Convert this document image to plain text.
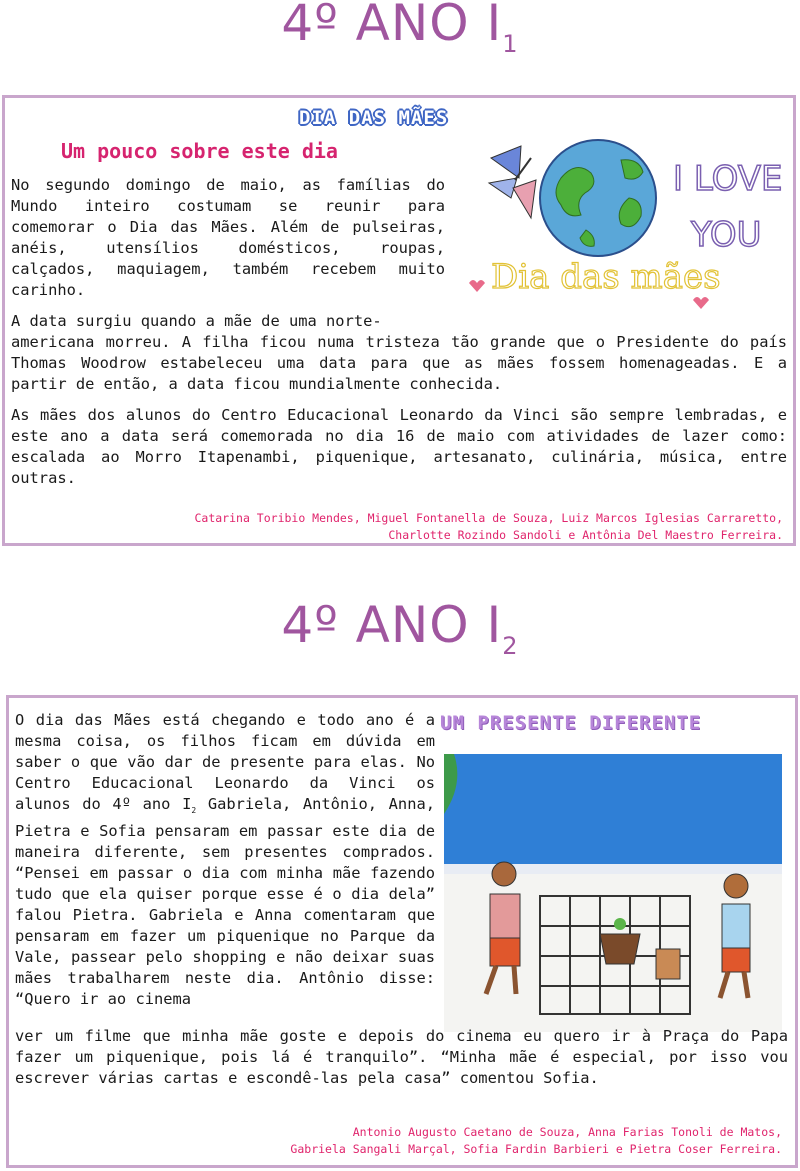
4º ANO $I_1$
DIA DAS MÃES
Um pouco sobre este dia

No segundo domingo de maio, as famílias do Mundo inteiro costumam se reunir para comemorar o Dia das Mães. Além de pulseiras, anéis, utensílios domésticos, roupas, calçados, maquiagem, também recebem muito carinho.

I LOVE
YOU
Dia das mães

A data surgiu quando a mãe de uma norte-

americana morreu. A filha ficou numa tristeza tão grande que o Presidente do país Thomas Woodrow estabeleceu uma data para que as mães fossem homenageadas. E a partir de então, a data ficou mundialmente conhecida.

As mães dos alunos do Centro Educacional Leonardo da Vinci são sempre lembradas, e este ano a data será comemorada no dia 16 de maio com atividades de lazer como: escalada ao Morro Itapenambi, piquenique, artesanato, culinária, música, entre outras.

Catarina Toribio Mendes, Miguel Fontanella de Souza, Luiz Marcos Iglesias Carraretto,
Charlotte Rozindo Sandoli e Antônia Del Maestro Ferreira.
4º ANO $I_2$
UM PRESENTE DIFERENTE

O dia das Mães está chegando e todo ano é a mesma coisa, os filhos ficam em dúvida em saber o que vão dar de presente para elas. No Centro Educacional Leonardo da Vinci os alunos do 4º ano $I_2$ Gabriela, Antônio, Anna, Pietra e Sofia pensaram em passar este dia de maneira diferente, sem presentes comprados. “Pensei em passar o dia com minha mãe fazendo tudo que ela quiser porque esse é o dia dela” falou Pietra. Gabriela e Anna comentaram que pensaram em fazer um piquenique no Parque da Vale, passear pelo shopping e não deixar suas mães trabalharem neste dia. Antônio disse: “Quero ir ao cinema

ver um filme que minha mãe goste e depois do cinema eu quero ir à Praça do Papa fazer um piquenique, pois lá é tranquilo”. “Minha mãe é especial, por isso vou escrever várias cartas e escondê-las pela casa” comentou Sofia.

Antonio Augusto Caetano de Souza, Anna Farias Tonoli de Matos,
Gabriela Sangali Marçal, Sofia Fardin Barbieri e Pietra Coser Ferreira.
